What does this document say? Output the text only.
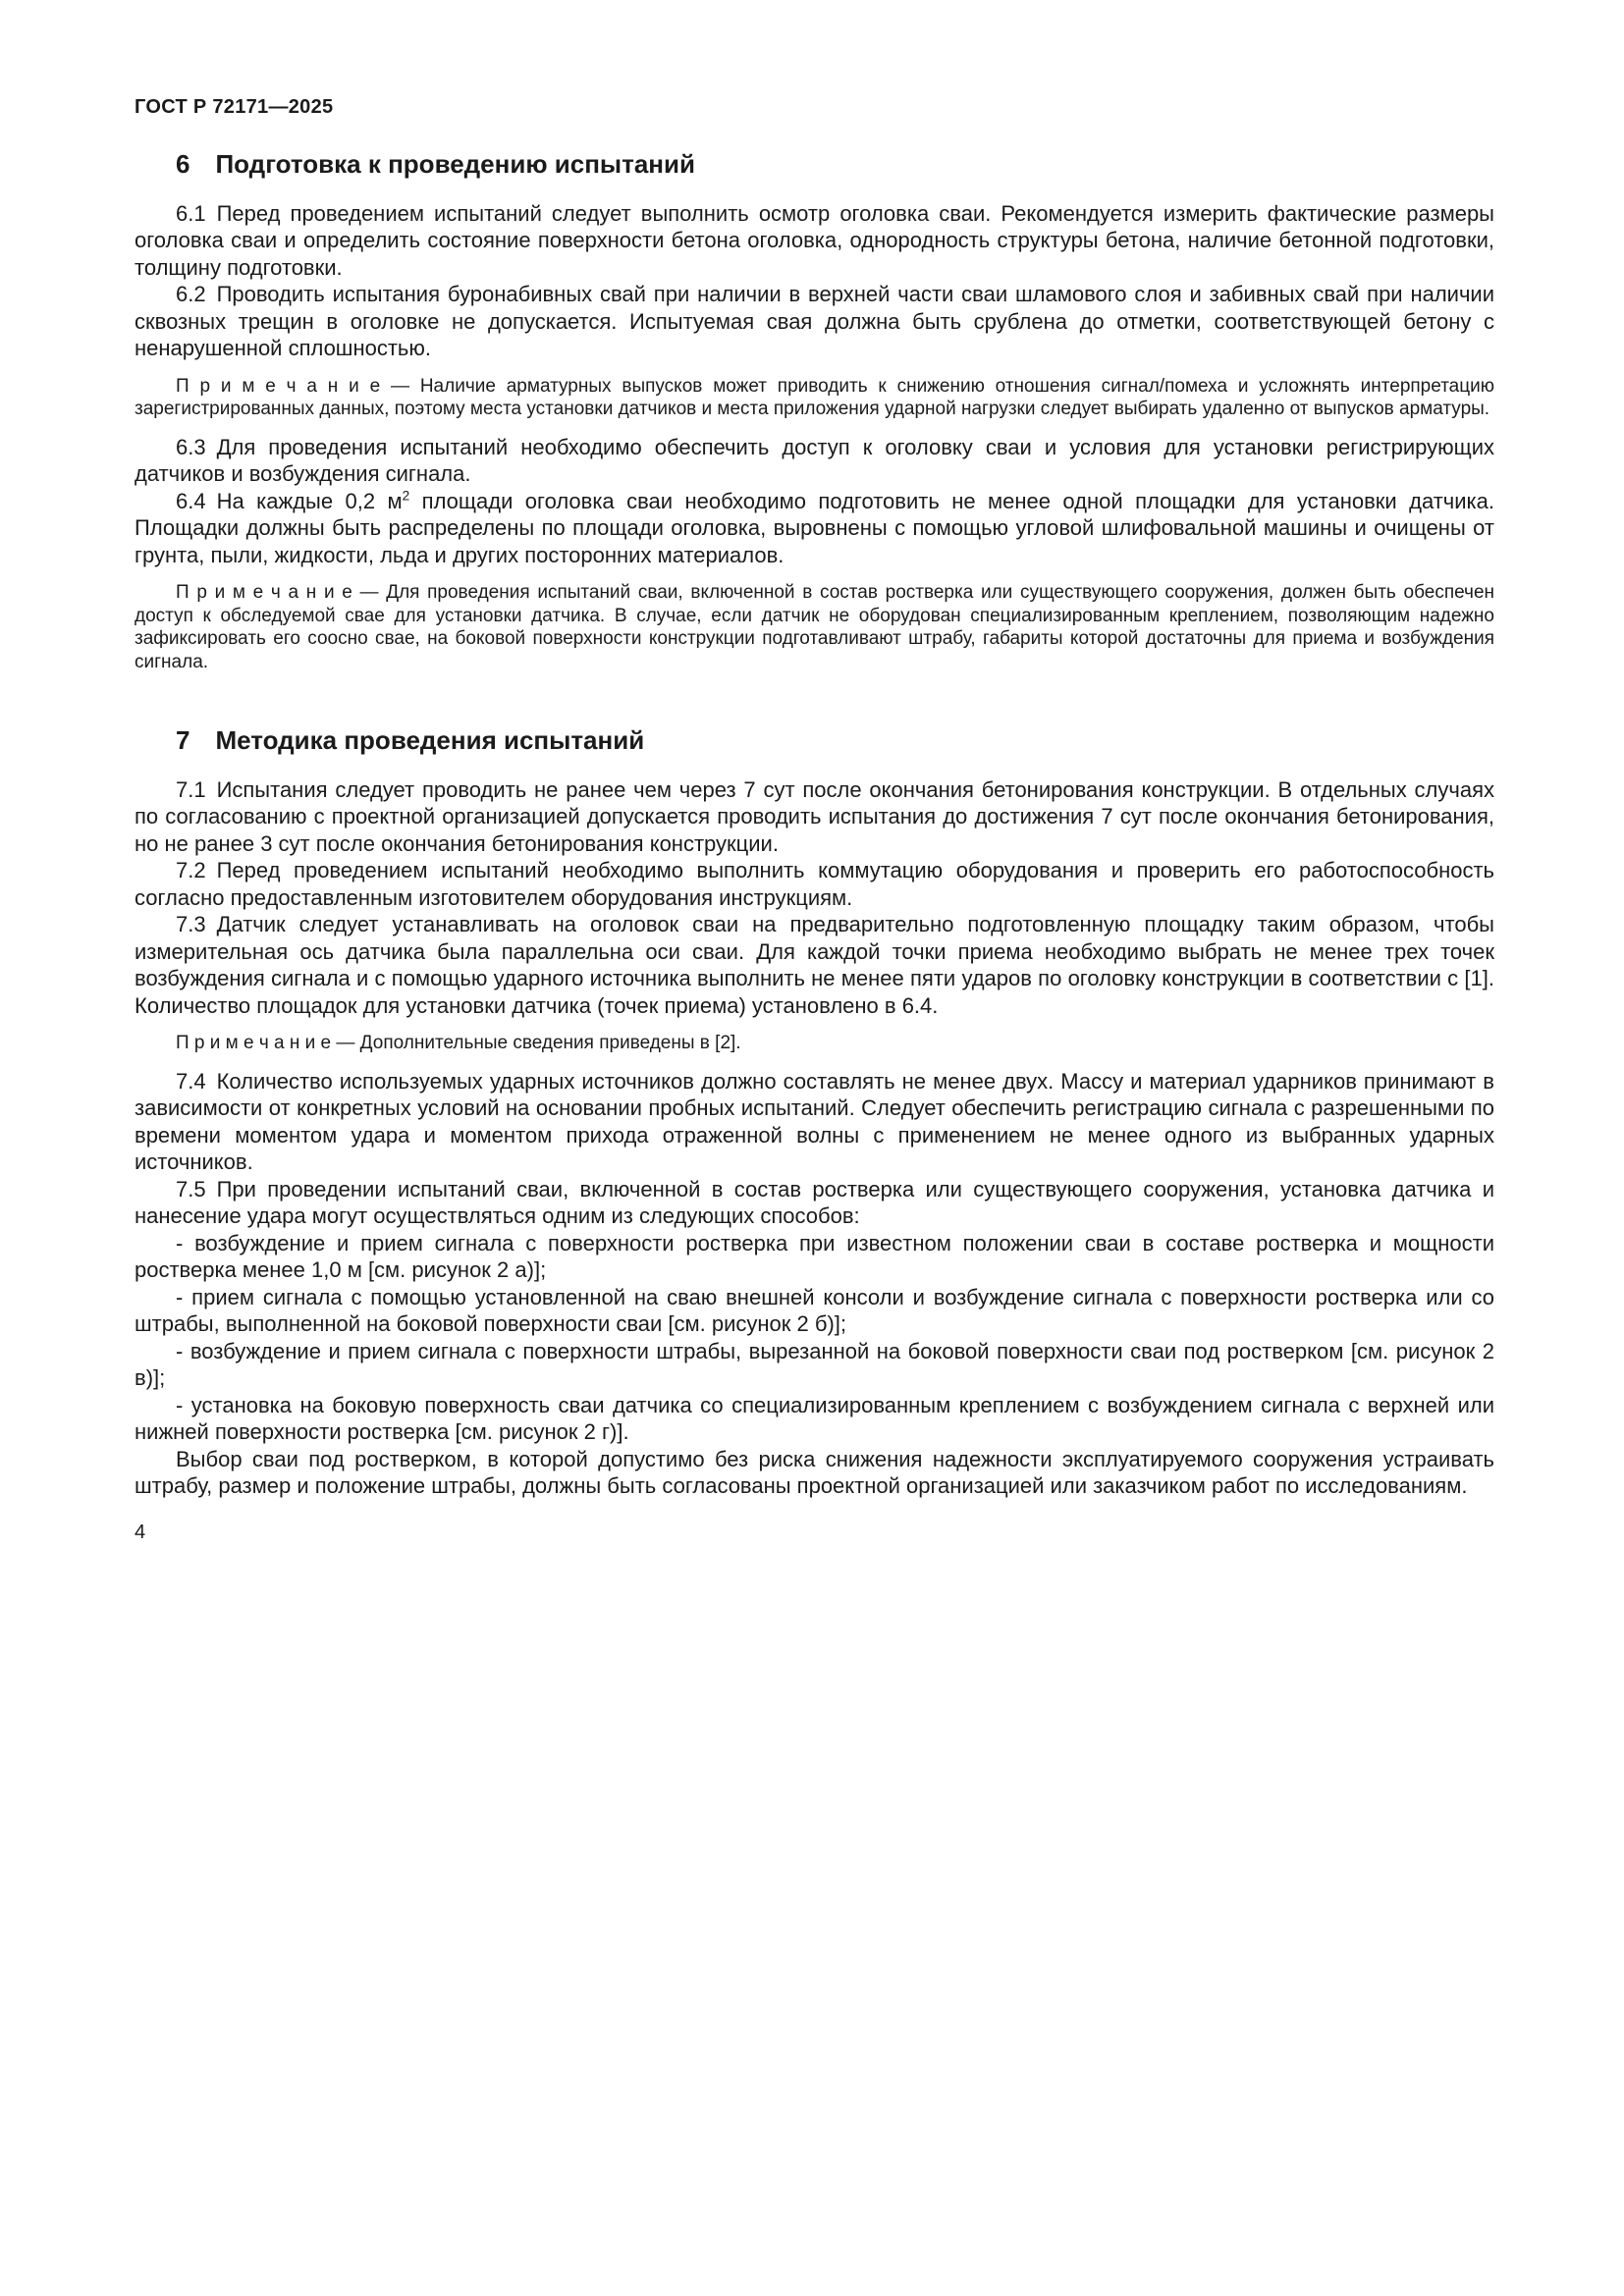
ГОСТ Р 72171—2025
6  Подготовка к проведению испытаний

6.1 Перед проведением испытаний следует выполнить осмотр оголовка сваи. Рекомендуется измерить фактические размеры оголовка сваи и определить состояние поверхности бетона оголовка, однородность структуры бетона, наличие бетонной подготовки, толщину подготовки.

6.2 Проводить испытания буронабивных свай при наличии в верхней части сваи шламового слоя и забивных свай при наличии сквозных трещин в оголовке не допускается. Испытуемая свая должна быть срублена до отметки, соответствующей бетону с ненарушенной сплошностью.

П р и м е ч а н и е — Наличие арматурных выпусков может приводить к снижению отношения сигнал/помеха и усложнять интерпретацию зарегистрированных данных, поэтому места установки датчиков и места приложения ударной нагрузки следует выбирать удаленно от выпусков арматуры.

6.3 Для проведения испытаний необходимо обеспечить доступ к оголовку сваи и условия для установки регистрирующих датчиков и возбуждения сигнала.

6.4 На каждые 0,2 $м^2$ площади оголовка сваи необходимо подготовить не менее одной площадки для установки датчика. Площадки должны быть распределены по площади оголовка, выровнены с помощью угловой шлифовальной машины и очищены от грунта, пыли, жидкости, льда и других посторонних материалов.

П р и м е ч а н и е — Для проведения испытаний сваи, включенной в состав ростверка или существующего сооружения, должен быть обеспечен доступ к обследуемой свае для установки датчика. В случае, если датчик не оборудован специализированным креплением, позволяющим надежно зафиксировать его соосно свае, на боковой поверхности конструкции подготавливают штрабу, габариты которой достаточны для приема и возбуждения сигнала.

7  Методика проведения испытаний

7.1 Испытания следует проводить не ранее чем через 7 сут после окончания бетонирования конструкции. В отдельных случаях по согласованию с проектной организацией допускается проводить испытания до достижения 7 сут после окончания бетонирования, но не ранее 3 сут после окончания бетонирования конструкции.

7.2 Перед проведением испытаний необходимо выполнить коммутацию оборудования и проверить его работоспособность согласно предоставленным изготовителем оборудования инструкциям.

7.3 Датчик следует устанавливать на оголовок сваи на предварительно подготовленную площадку таким образом, чтобы измерительная ось датчика была параллельна оси сваи. Для каждой точки приема необходимо выбрать не менее трех точек возбуждения сигнала и с помощью ударного источника выполнить не менее пяти ударов по оголовку конструкции в соответствии с [1]. Количество площадок для установки датчика (точек приема) установлено в 6.4.

П р и м е ч а н и е — Дополнительные сведения приведены в [2].

7.4 Количество используемых ударных источников должно составлять не менее двух. Массу и материал ударников принимают в зависимости от конкретных условий на основании пробных испытаний. Следует обеспечить регистрацию сигнала с разрешенными по времени моментом удара и моментом прихода отраженной волны с применением не менее одного из выбранных ударных источников.

7.5 При проведении испытаний сваи, включенной в состав ростверка или существующего сооружения, установка датчика и нанесение удара могут осуществляться одним из следующих способов:

- возбуждение и прием сигнала с поверхности ростверка при известном положении сваи в составе ростверка и мощности ростверка менее 1,0 м [см. рисунок 2 а)];

- прием сигнала с помощью установленной на сваю внешней консоли и возбуждение сигнала с поверхности ростверка или со штрабы, выполненной на боковой поверхности сваи [см. рисунок 2 б)];

- возбуждение и прием сигнала с поверхности штрабы, вырезанной на боковой поверхности сваи под ростверком [см. рисунок 2 в)];

- установка на боковую поверхность сваи датчика со специализированным креплением с возбуждением сигнала с верхней или нижней поверхности ростверка [см. рисунок 2 г)].

Выбор сваи под ростверком, в которой допустимо без риска снижения надежности эксплуатируемого сооружения устраивать штрабу, размер и положение штрабы, должны быть согласованы проектной организацией или заказчиком работ по исследованиям.

4
